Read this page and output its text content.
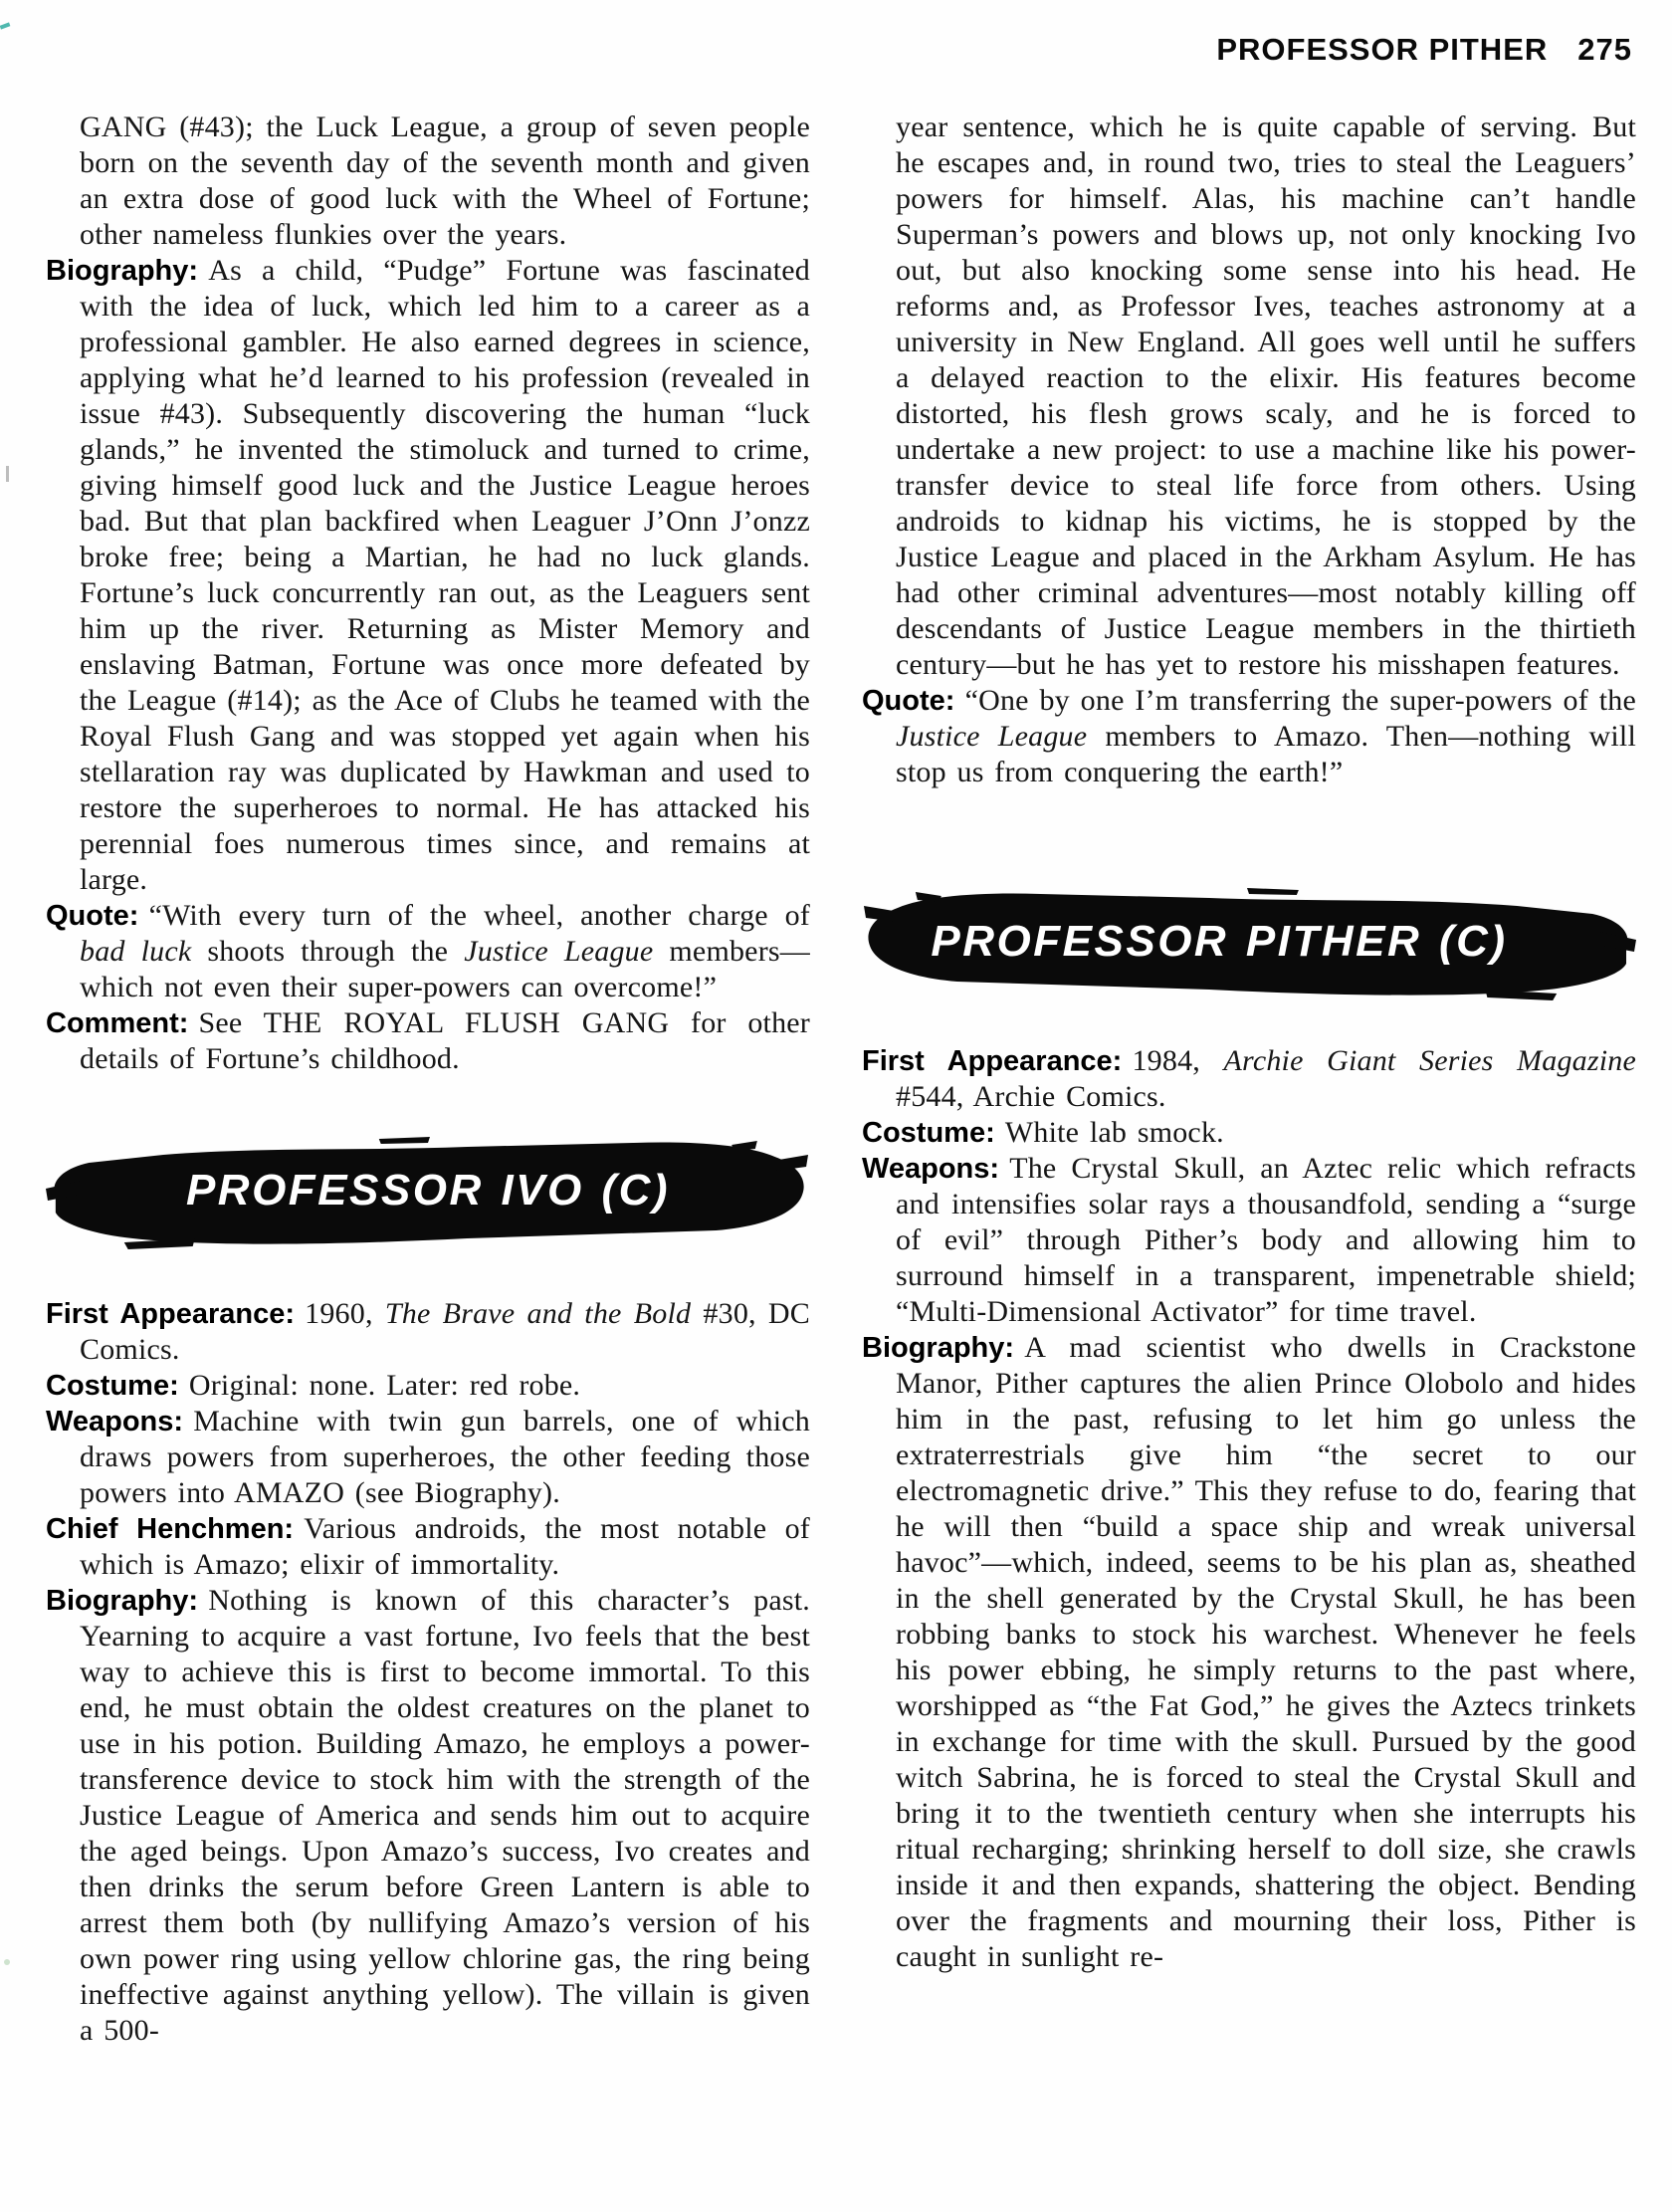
PROFESSOR PITHER 275

GANG (#43); the Luck League, a group of seven people born on the seventh day of the seventh month and given an extra dose of good luck with the Wheel of Fortune; other nameless flunkies over the years.

Biography: As a child, “Pudge” Fortune was fascinated with the idea of luck, which led him to a career as a professional gambler. He also earned degrees in science, applying what he’d learned to his profession (revealed in issue #43). Subsequently discovering the human “luck glands,” he invented the stimoluck and turned to crime, giving himself good luck and the Justice League heroes bad. But that plan backfired when Leaguer J’Onn J’onzz broke free; being a Martian, he had no luck glands. Fortune’s luck concurrently ran out, as the Leaguers sent him up the river. Returning as Mister Memory and enslaving Batman, Fortune was once more defeated by the League (#14); as the Ace of Clubs he teamed with the Royal Flush Gang and was stopped yet again when his stellaration ray was duplicated by Hawkman and used to restore the superheroes to normal. He has attacked his perennial foes numerous times since, and remains at large.

Quote: “With every turn of the wheel, another charge of bad luck shoots through the Justice League members—which not even their super-powers can overcome!”

Comment: See THE ROYAL FLUSH GANG for other details of Fortune’s childhood.

PROFESSOR IVO (C)

First Appearance: 1960, The Brave and the Bold #30, DC Comics.

Costume: Original: none. Later: red robe.

Weapons: Machine with twin gun barrels, one of which draws powers from superheroes, the other feeding those powers into AMAZO (see Biography).

Chief Henchmen: Various androids, the most notable of which is Amazo; elixir of immortality.

Biography: Nothing is known of this character’s past. Yearning to acquire a vast fortune, Ivo feels that the best way to achieve this is first to become immortal. To this end, he must obtain the oldest creatures on the planet to use in his potion. Building Amazo, he employs a power-transference device to stock him with the strength of the Justice League of America and sends him out to acquire the aged beings. Upon Amazo’s success, Ivo creates and then drinks the serum before Green Lantern is able to arrest them both (by nullifying Amazo’s version of his own power ring using yellow chlorine gas, the ring being ineffective against anything yellow). The villain is given a 500-

year sentence, which he is quite capable of serving. But he escapes and, in round two, tries to steal the Leaguers’ powers for himself. Alas, his machine can’t handle Superman’s powers and blows up, not only knocking Ivo out, but also knocking some sense into his head. He reforms and, as Professor Ives, teaches astronomy at a university in New England. All goes well until he suffers a delayed reaction to the elixir. His features become distorted, his flesh grows scaly, and he is forced to undertake a new project: to use a machine like his power-transfer device to steal life force from others. Using androids to kidnap his victims, he is stopped by the Justice League and placed in the Arkham Asylum. He has had other criminal adventures—most notably killing off descendants of Justice League members in the thirtieth century—but he has yet to restore his misshapen features.

Quote: “One by one I’m transferring the super-powers of the Justice League members to Amazo. Then—nothing will stop us from conquering the earth!”

PROFESSOR PITHER (C)

First Appearance: 1984, Archie Giant Series Magazine #544, Archie Comics.

Costume: White lab smock.

Weapons: The Crystal Skull, an Aztec relic which refracts and intensifies solar rays a thousandfold, sending a “surge of evil” through Pither’s body and allowing him to surround himself in a transparent, impenetrable shield; “Multi-Dimensional Activator” for time travel.

Biography: A mad scientist who dwells in Crackstone Manor, Pither captures the alien Prince Olobolo and hides him in the past, refusing to let him go unless the extraterrestrials give him “the secret to our electromagnetic drive.” This they refuse to do, fearing that he will then “build a space ship and wreak universal havoc”—which, indeed, seems to be his plan as, sheathed in the shell generated by the Crystal Skull, he has been robbing banks to stock his warchest. Whenever he feels his power ebbing, he simply returns to the past where, worshipped as “the Fat God,” he gives the Aztecs trinkets in exchange for time with the skull. Pursued by the good witch Sabrina, he is forced to steal the Crystal Skull and bring it to the twentieth century when she interrupts his ritual recharging; shrinking herself to doll size, she crawls inside it and then expands, shattering the object. Bending over the fragments and mourning their loss, Pither is caught in sunlight re-
